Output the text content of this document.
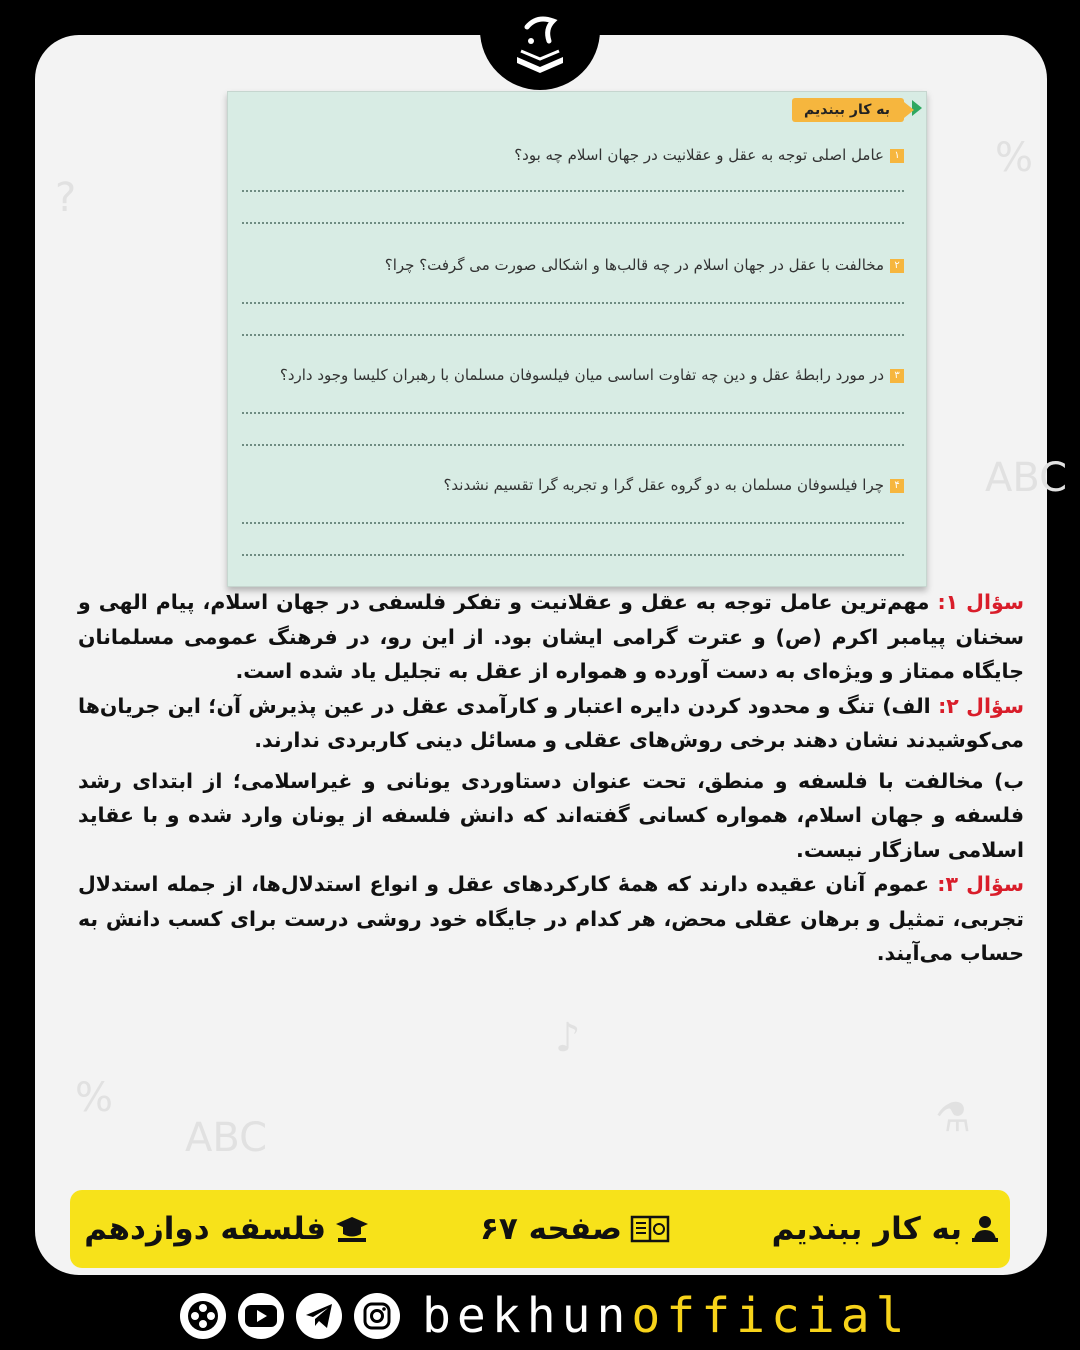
%
?
ABC
%
♪
⚗
ABC
به کار ببندیم
۱عامل اصلی توجه به عقل و عقلانیت در جهان اسلام چه بود؟
۲مخالفت با عقل در جهان اسلام در چه قالب‌ها و اشکالی صورت می گرفت؟ چرا؟
۳در مورد رابطهٔ عقل و دین چه تفاوت اساسی میان فیلسوفان مسلمان با رهبران کلیسا وجود دارد؟
۴چرا فیلسوفان مسلمان به دو گروه عقل گرا و تجربه گرا تقسیم نشدند؟

سؤال ۱: مهم‌ترین عامل توجه به عقل و عقلانیت و تفکر فلسفی در جهان اسلام، پیام الهی و سخنان پیامبر اکرم (ص) و عترت گرامی ایشان بود. از این رو، در فرهنگ عمومی مسلمانان جایگاه ممتاز و ویژه‌ای به دست آورده و همواره از عقل به تجلیل یاد شده است.

سؤال ۲: الف) تنگ و محدود کردن دایره اعتبار و کارآمدی عقل در عین پذیرش آن؛ این جریان‌ها می‌کوشیدند نشان دهند برخی روش‌های عقلی و مسائل دینی کاربردی ندارند.

ب) مخالفت با فلسفه و منطق، تحت عنوان دستاوردی یونانی و غیراسلامی؛ از ابتدای رشد فلسفه و جهان اسلام، همواره کسانی گفته‌اند که دانش فلسفه از یونان وارد شده و با عقاید اسلامی سازگار نیست.

سؤال ۳: عموم آنان عقیده دارند که همهٔ کارکردهای عقل و انواع استدلال‌ها، از جمله استدلال تجربی، تمثیل و برهان عقلی محض، هر کدام در جایگاه خود روشی درست برای کسب دانش به حساب می‌آیند.

به کار ببندیم
صفحه ۶۷
فلسفه دوازدهم
bekhunofficial
